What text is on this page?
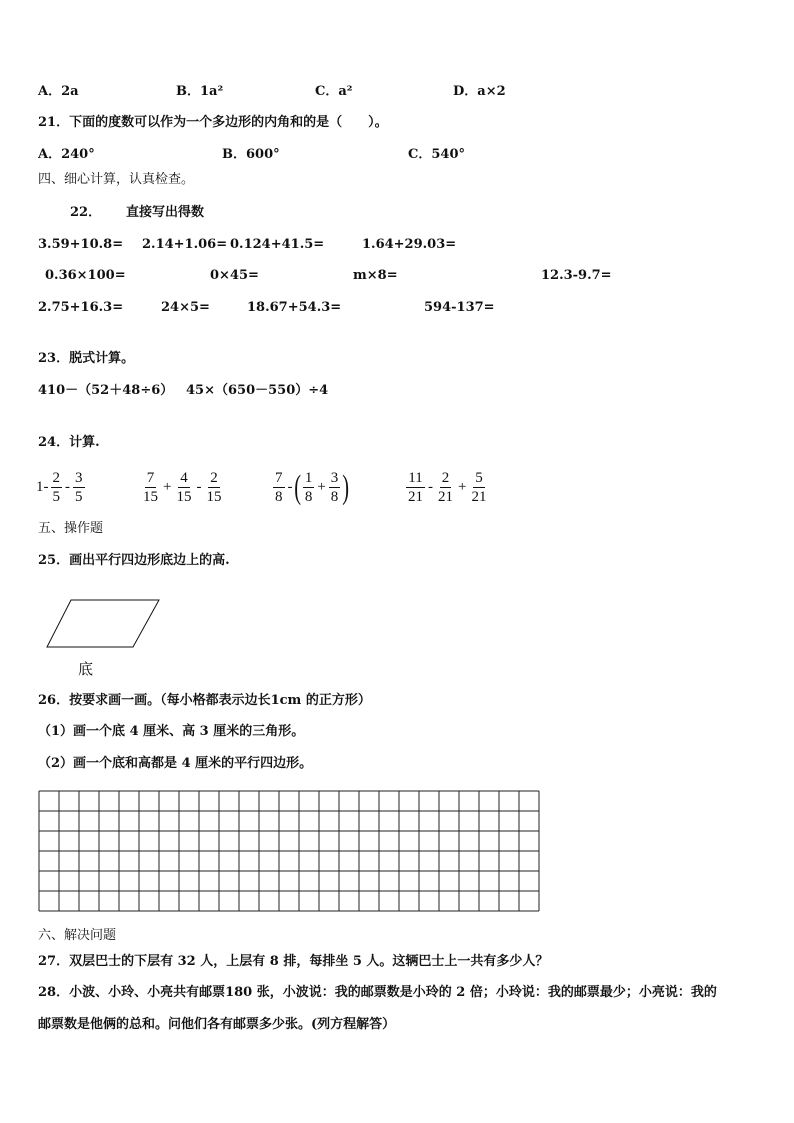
A．2a	B．1a²	C．a²	D．a×2
21．下面的度数可以作为一个多边形的内角和的是（　　）。
A．240°	B．600°	C．540°
四、细心计算，认真检查。
22． 直接写出得数
3.59+10.8= 2.14+1.06= 0.124+41.5=	1.64+29.03=
0.36×100=	0×45=	m×8=	12.3-9.7=
2.75+16.3=	24×5=	18.67+54.3=	594-137=
23．脱式计算。
410－（52＋48÷6） 45×（650－550）÷4
24．计算.
$1- \frac{2}{5} - \frac{3}{5}$	$\frac{7}{15} + \frac{4}{15} - \frac{2}{15}$	$\frac{7}{8}$ - ( $\frac{1}{8} + \frac{3}{8}$ )	$\frac{11}{21} - \frac{2}{21} + \frac{5}{21}$
五、操作题
25．画出平行四边形底边上的高.
底
26．按要求画一画。（每小格都表示边长1cm 的正方形）
（1）画一个底 4 厘米、高 3 厘米的三角形。
（2）画一个底和高都是 4 厘米的平行四边形。
六、解决问题
27．双层巴士的下层有 32 人，上层有 8 排，每排坐 5 人。这辆巴士上一共有多少人？
28．小波、小玲、小亮共有邮票180 张，小波说：我的邮票数是小玲的 2 倍；小玲说：我的邮票最少；小亮说：我的
邮票数是他俩的总和。问他们各有邮票多少张。(列方程解答）
